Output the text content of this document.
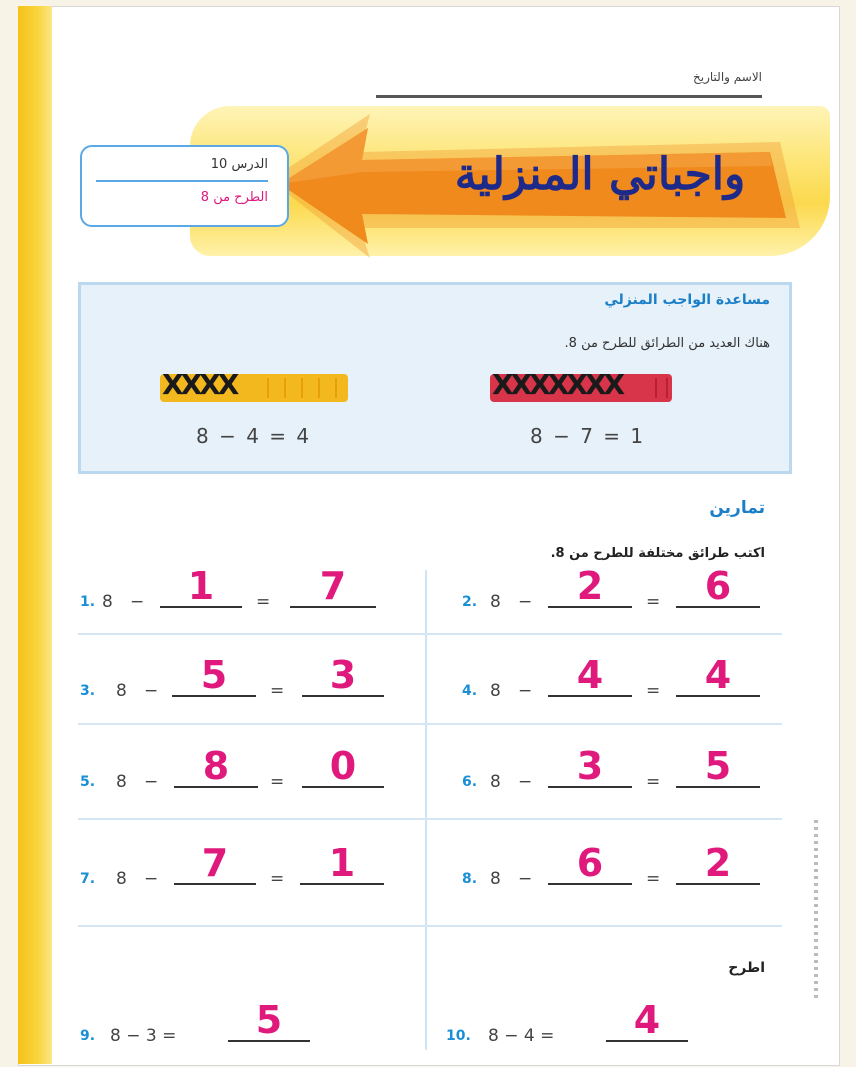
الاسم والتاريخ
واجباتي المنزلية
الدرس 10
الطرح من 8
مساعدة الواجب المنزلي
هناك العديد من الطرائق للطرح من 8.
XXXX
8 − 4 = 4
XXXXXXX
8 − 7 = 1
تمارين
اكتب طرائق مختلفة للطرح من 8.
1. 8 −	1	=	7	2. 8 −	2	=	6
3. 8 −	5	=	3	4. 8 −	4	=	4
5. 8 −	8	=	0	6. 8 −	3	=	5
7. 8 −	7	=	1	8. 8 −	6	=	2
اطرح
9. 8 − 3 =	5	10. 8 − 4 =	4
